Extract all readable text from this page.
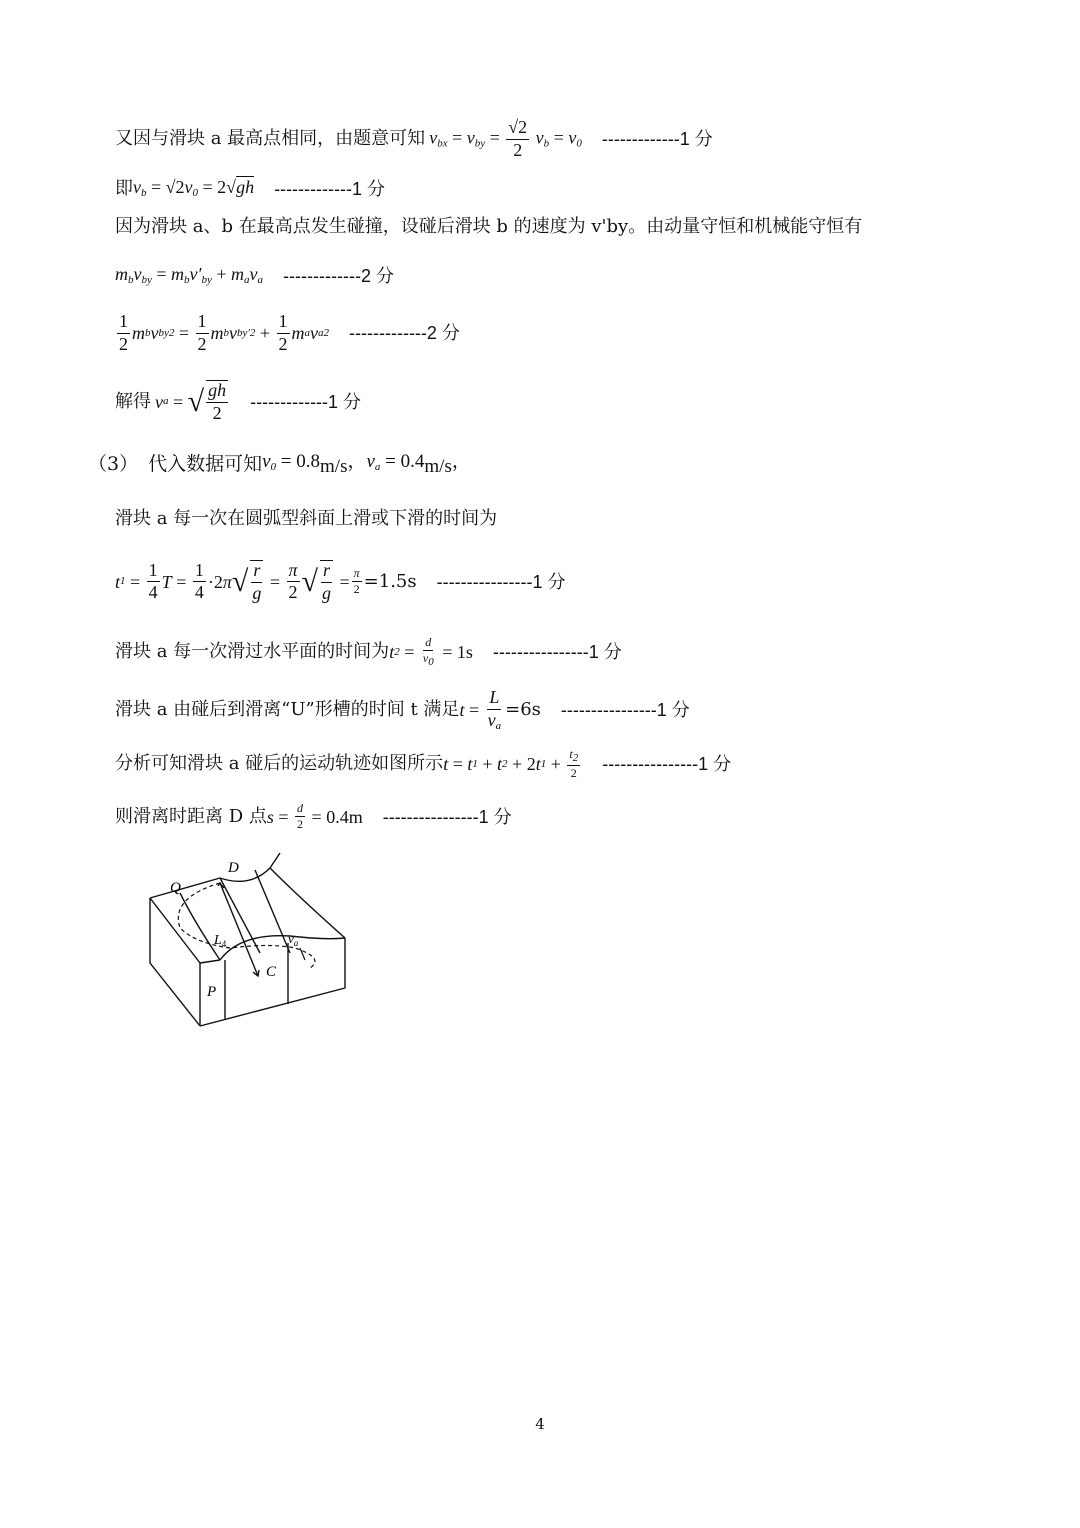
又因与滑块 a 最高点相同，由题意可知 $v_{bx} = v_{by} = \frac{√2}{2} v_b = v_0$ -------------1 分
即 $v_b = √2v_0 = 2√gh$ -------------1 分
因为滑块 a、b 在最高点发生碰撞，设碰后滑块 b 的速度为 v'by。由动量守恒和机械能守恒有
$m_bv_{by} = m_bv'_{by} + m_av_a$ -------------2 分
$\frac{1}{2}$ m b v by $2 = \frac{1}{2}$ m b v by $'2 + \frac{1}{2}$ m a v a 2 -------------2 分
解得 v a = √ $\frac{gh}{2} -------------1$ 分
（3） 代入数据可知 $v_0 = 0.8m/s$，$v_a = 0.4m/s$，
滑块 a 每一次在圆弧型斜面上滑或下滑的时间为
t $1 = \frac{1}{4}$ $T = \frac{1}{4} \cdot 2$ π √ $\frac{r}{g} = \frac{\pi}{2}$ √ $\frac{r}{g} = \frac{\pi}{2} =1.5s$ ----------------1 分
滑块 a 每一次滑过水平面的时间为 t $2 = \frac{d}{v_0} = 1s$ ----------------1 分
滑块 a 由碰后到滑离“U”形槽的时间 t 满足 $t = \frac{L}{v_a} =6s$ ----------------1 分
分析可知滑块 a 碰后的运动轨迹如图所示 t = t 1 + t 2 + 2 t $1 + \frac{t_2}{2} ----------------1$ 分
则滑离时距离 D 点 $s = \frac{d}{2} = 0.4m$ ----------------1 分
Q
D
$L_4$	$v_a$
C
P
4
